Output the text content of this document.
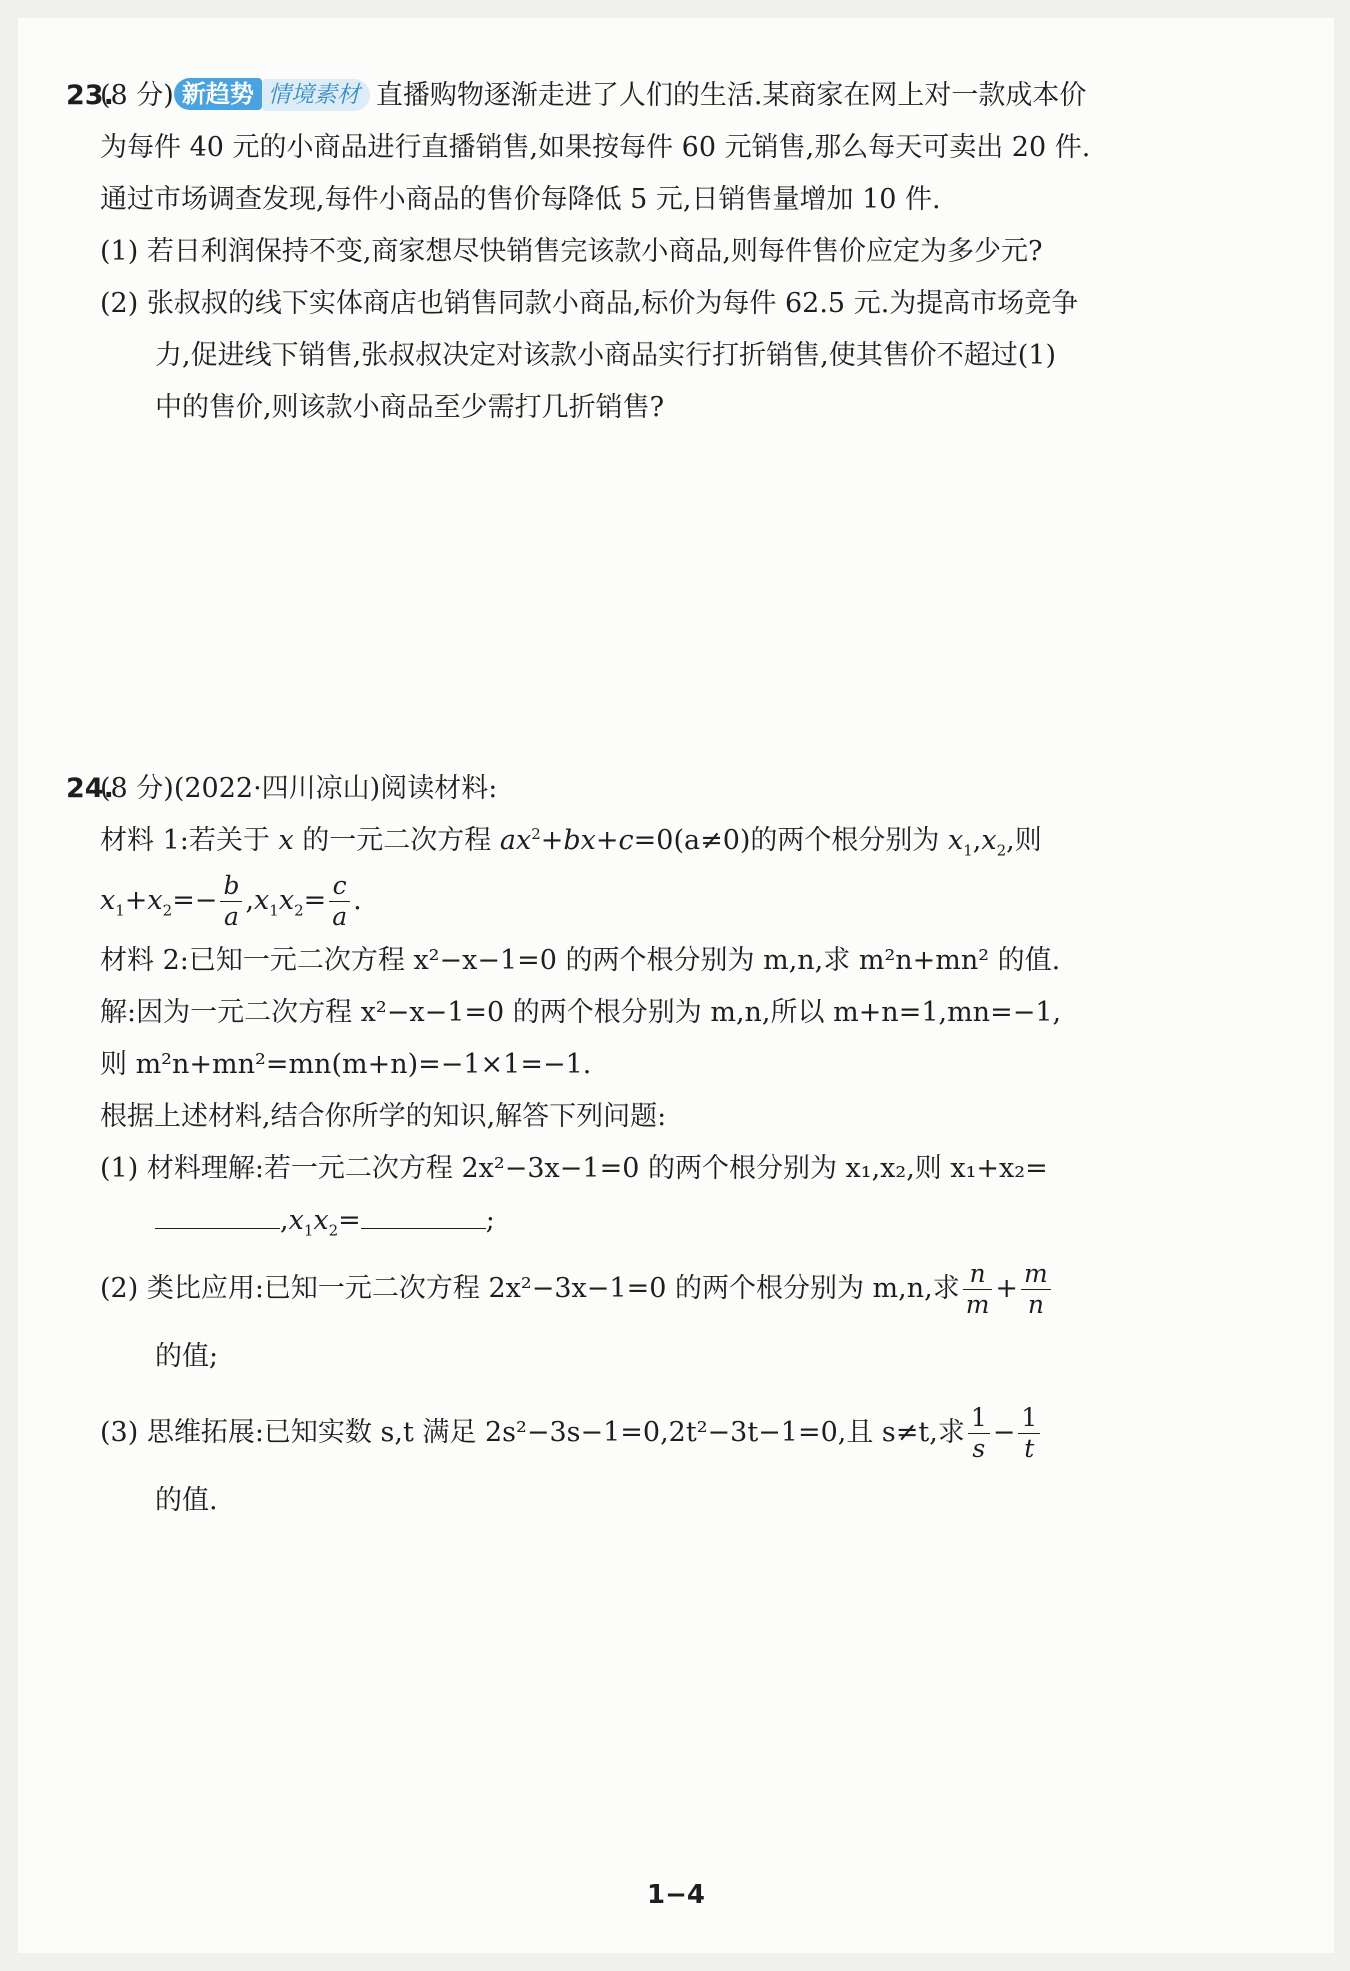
23.
(8 分) 新趋势 情境素材 直播购物逐渐走进了人们的生活.某商家在网上对一款成本价
为每件 40 元的小商品进行直播销售,如果按每件 60 元销售,那么每天可卖出 20 件.
通过市场调查发现,每件小商品的售价每降低 5 元,日销售量增加 10 件.
(1) 若日利润保持不变,商家想尽快销售完该款小商品,则每件售价应定为多少元?
(2) 张叔叔的线下实体商店也销售同款小商品,标价为每件 62.5 元.为提高市场竞争
力,促进线下销售,张叔叔决定对该款小商品实行打折销售,使其售价不超过(1)
中的售价,则该款小商品至少需打几折销售?
24.
(8 分)(2022·四川凉山)阅读材料:
材料 1:若关于 x 的一元二次方程 $ax^2+bx+c=0(a\ne 0)$的两个根分别为 $x_1,x_2$,则
$x_1+x_2=- \frac{b}{a} ,x_1x_2= \frac{c}{a}$ .
材料 2:已知一元二次方程 x²−x−1=0 的两个根分别为 m,n,求 m²n+mn² 的值.
解:因为一元二次方程 x²−x−1=0 的两个根分别为 m,n,所以 m+n=1,mn=−1,
则 m²n+mn²=mn(m+n)=−1×1=−1.
根据上述材料,结合你所学的知识,解答下列问题:
(1) 材料理解:若一元二次方程 2x²−3x−1=0 的两个根分别为 x₁,x₂,则 x₁+x₂=
$,x_1x_2=$	;
(2) 类比应用:已知一元二次方程 2x²−3x−1=0 的两个根分别为 m,n,求 $\frac{n}{m} + \frac{m}{n}$
的值;
(3) 思维拓展:已知实数 s,t 满足 2s²−3s−1=0,2t²−3t−1=0,且 s≠t,求 $\frac{1}{s} - \frac{1}{t}$
的值.
1−4
